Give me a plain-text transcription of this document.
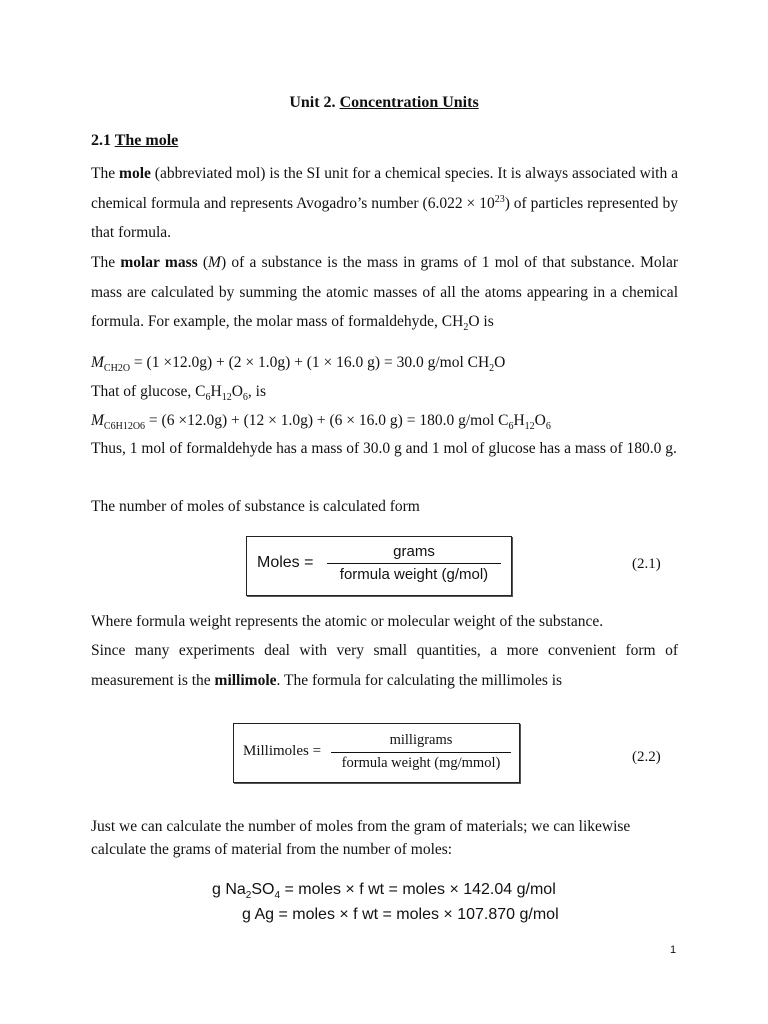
Unit 2. Concentration Units
2.1 The mole
The mole (abbreviated mol) is the SI unit for a chemical species. It is always associated with a chemical formula and represents Avogadro’s number $(6.022 \times 10^{23})$ of particles represented by that formula.
The molar mass (M) of a substance is the mass in grams of 1 mol of that substance. Molar mass are calculated by summing the atomic masses of all the atoms appearing in a chemical formula. For example, the molar mass of formaldehyde, $CH_2O$ is
$M_{CH2O} = (1 \times 12.0g) + (2 \times 1.0g) + (1 \times 16.0$ g) = 30.0 g/mol $CH_2O$
That of glucose, $C_6H_{12}O_6$, is
$M_{C6H12O6} = (6 \times 12.0g) + (12 \times 1.0g) + (6 \times 16.0$ g) = 180.0 g/mol $C_6H_{12}O_6$
Thus, 1 mol of formaldehyde has a mass of 30.0 g and 1 mol of glucose has a mass of 180.0 g.
The number of moles of substance is calculated form
Moles =
grams
formula weight (g/mol)
(2.1)
Where formula weight represents the atomic or molecular weight of the substance.
Since many experiments deal with very small quantities, a more convenient form of measurement is the millimole. The formula for calculating the millimoles is
Millimoles =
milligrams
formula weight (mg/mmol)	(2.2)
Just we can calculate the number of moles from the gram of materials; we can likewise calculate the grams of material from the number of moles:
g $Na_2SO_4$ = moles × f wt = moles × 142.04 g/mol
g Ag = moles × f wt = moles × 107.870 g/mol
1
